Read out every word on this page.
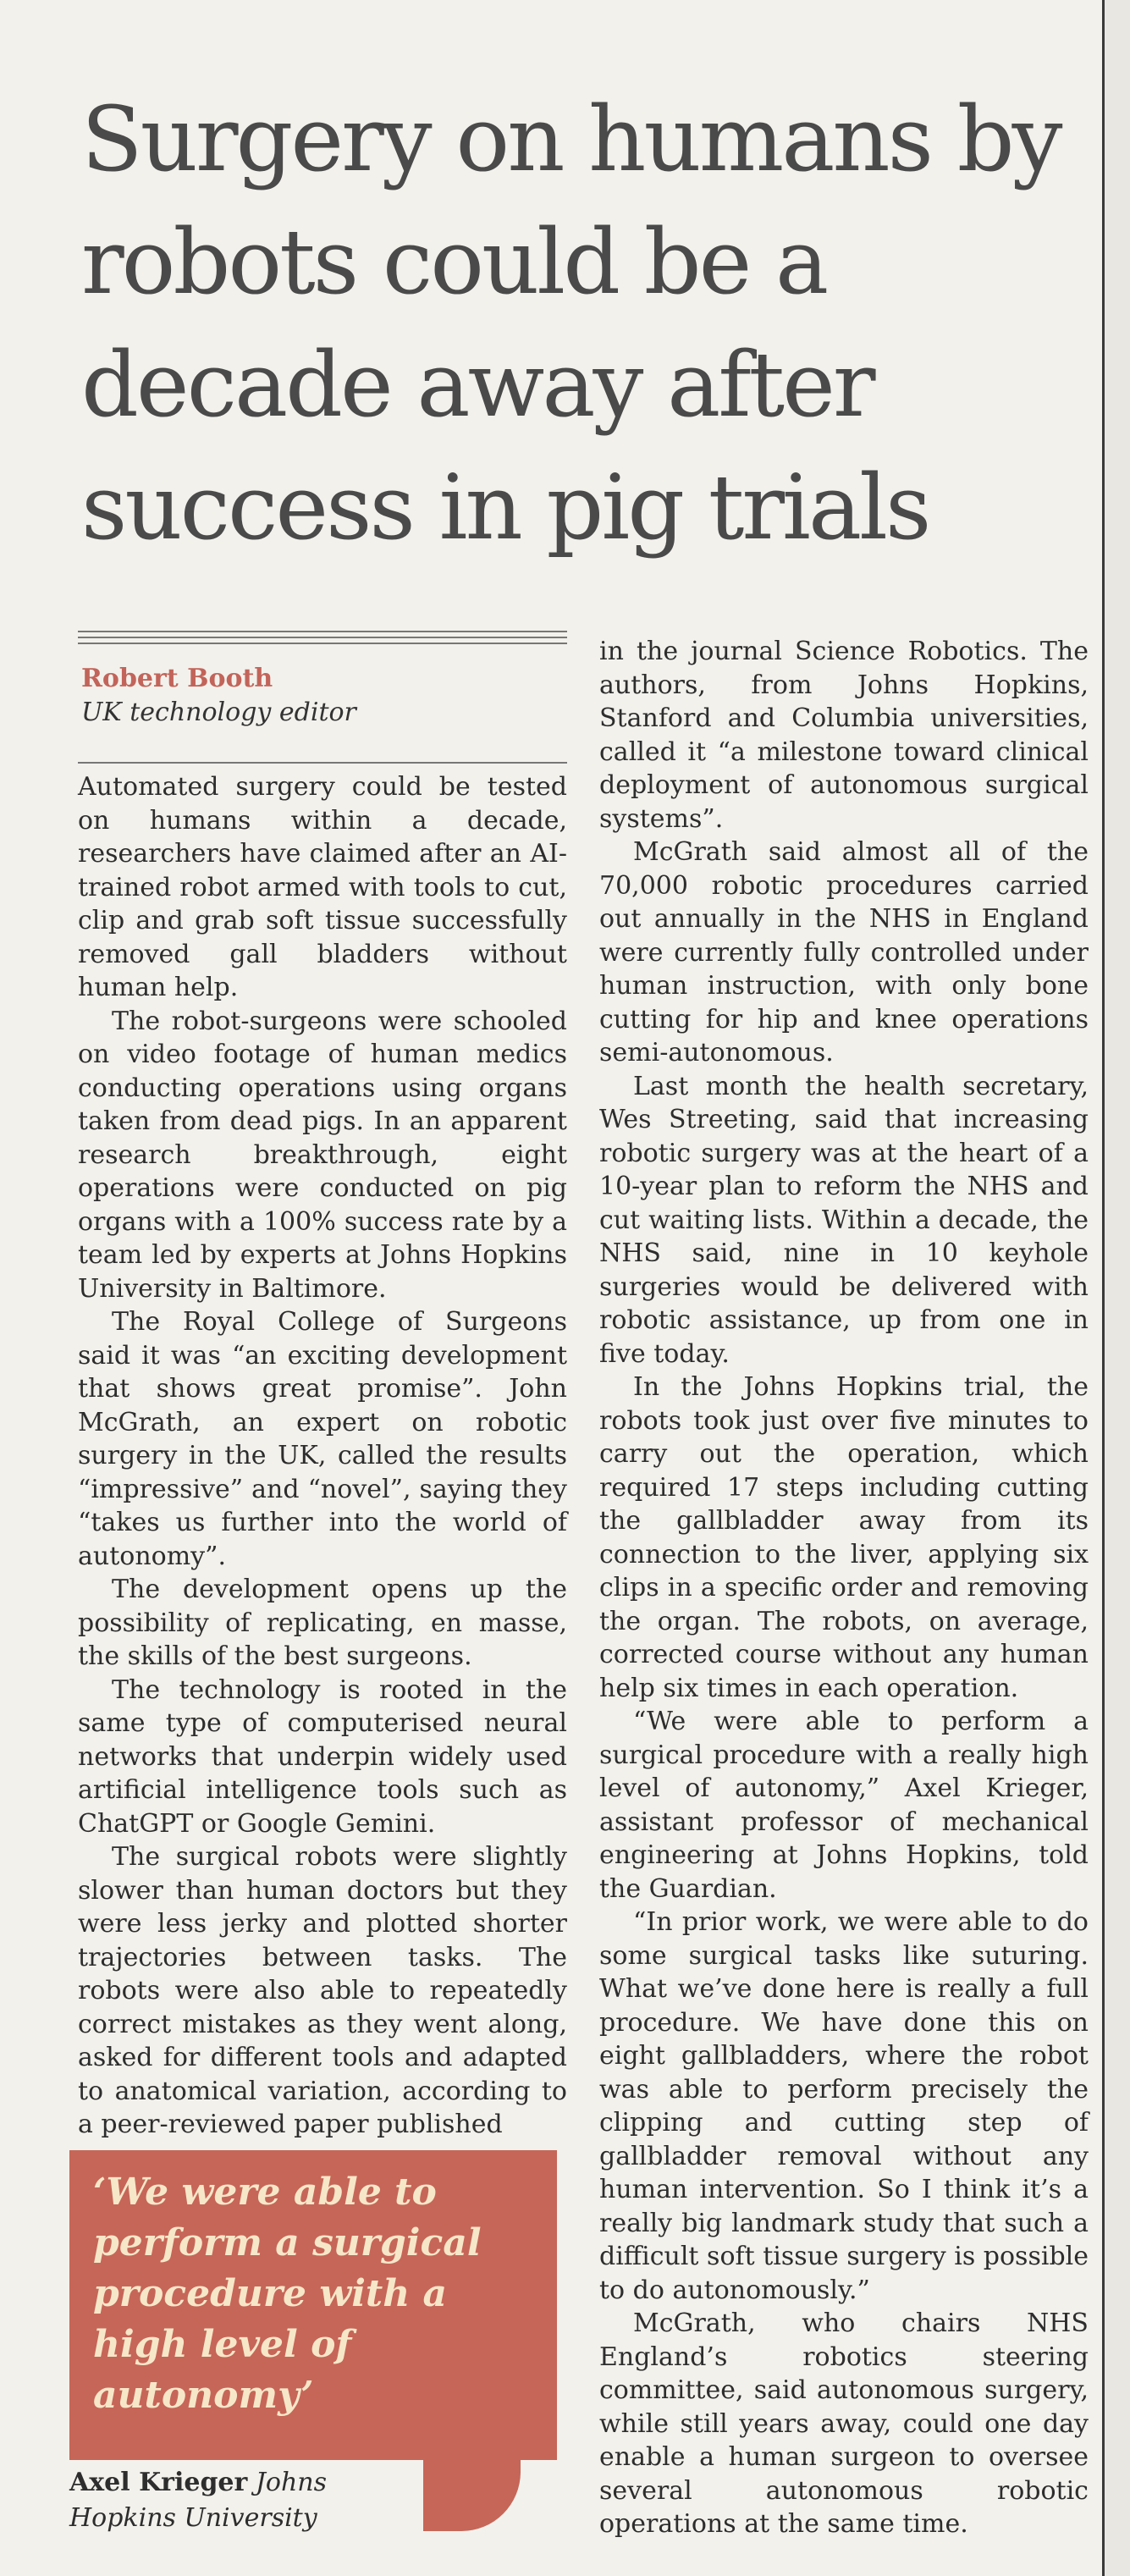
Surgery on humans by robots could be a decade away after success in pig trials
Robert Booth
UK technology editor

Automated surgery could be tested on humans within a decade, researchers have claimed after an AI-trained robot armed with tools to cut, clip and grab soft tissue successfully removed gall bladders without human help.

The robot-surgeons were schooled on video footage of human medics conducting operations using organs taken from dead pigs. In an apparent research breakthrough, eight operations were conducted on pig organs with a 100% success rate by a team led by experts at Johns Hopkins University in Baltimore.

The Royal College of Surgeons said it was “an exciting development that shows great promise”. John McGrath, an expert on robotic surgery in the UK, called the results “impressive” and “novel”, saying they “takes us further into the world of autonomy”.

The development opens up the possibility of replicating, en masse, the skills of the best surgeons.

The technology is rooted in the same type of computerised neural networks that underpin widely used artificial intelligence tools such as ChatGPT or Google Gemini.

The surgical robots were slightly slower than human doctors but they were less jerky and plotted shorter trajectories between tasks. The robots were also able to repeatedly correct mistakes as they went along, asked for different tools and adapted to anatomical variation, according to a peer-reviewed paper published

in the journal Science Robotics. The authors, from Johns Hopkins, Stanford and Columbia universities, called it “a milestone toward clinical deployment of autonomous surgical systems”.

McGrath said almost all of the 70,000 robotic procedures carried out annually in the NHS in England were currently fully controlled under human instruction, with only bone cutting for hip and knee operations semi-autonomous.

Last month the health secretary, Wes Streeting, said that increasing robotic surgery was at the heart of a 10-year plan to reform the NHS and cut waiting lists. Within a decade, the NHS said, nine in 10 keyhole surgeries would be delivered with robotic assistance, up from one in five today.

In the Johns Hopkins trial, the robots took just over five minutes to carry out the operation, which required 17 steps including cutting the gallbladder away from its connection to the liver, applying six clips in a specific order and removing the organ. The robots, on average, corrected course without any human help six times in each operation.

“We were able to perform a surgical procedure with a really high level of autonomy,” Axel Krieger, assistant professor of mechanical engineering at Johns Hopkins, told the Guardian.

“In prior work, we were able to do some surgical tasks like suturing. What we’ve done here is really a full procedure. We have done this on eight gallbladders, where the robot was able to perform precisely the clipping and cutting step of gallbladder removal without any human intervention. So I think it’s a really big landmark study that such a difficult soft tissue surgery is possible to do autonomously.”

McGrath, who chairs NHS England’s robotics steering committee, said autonomous surgery, while still years away, could one day enable a human surgeon to oversee several autonomous robotic operations at the same time.

‘We were able to perform a surgical procedure with a high level of autonomy’

Axel Krieger Johns Hopkins University
